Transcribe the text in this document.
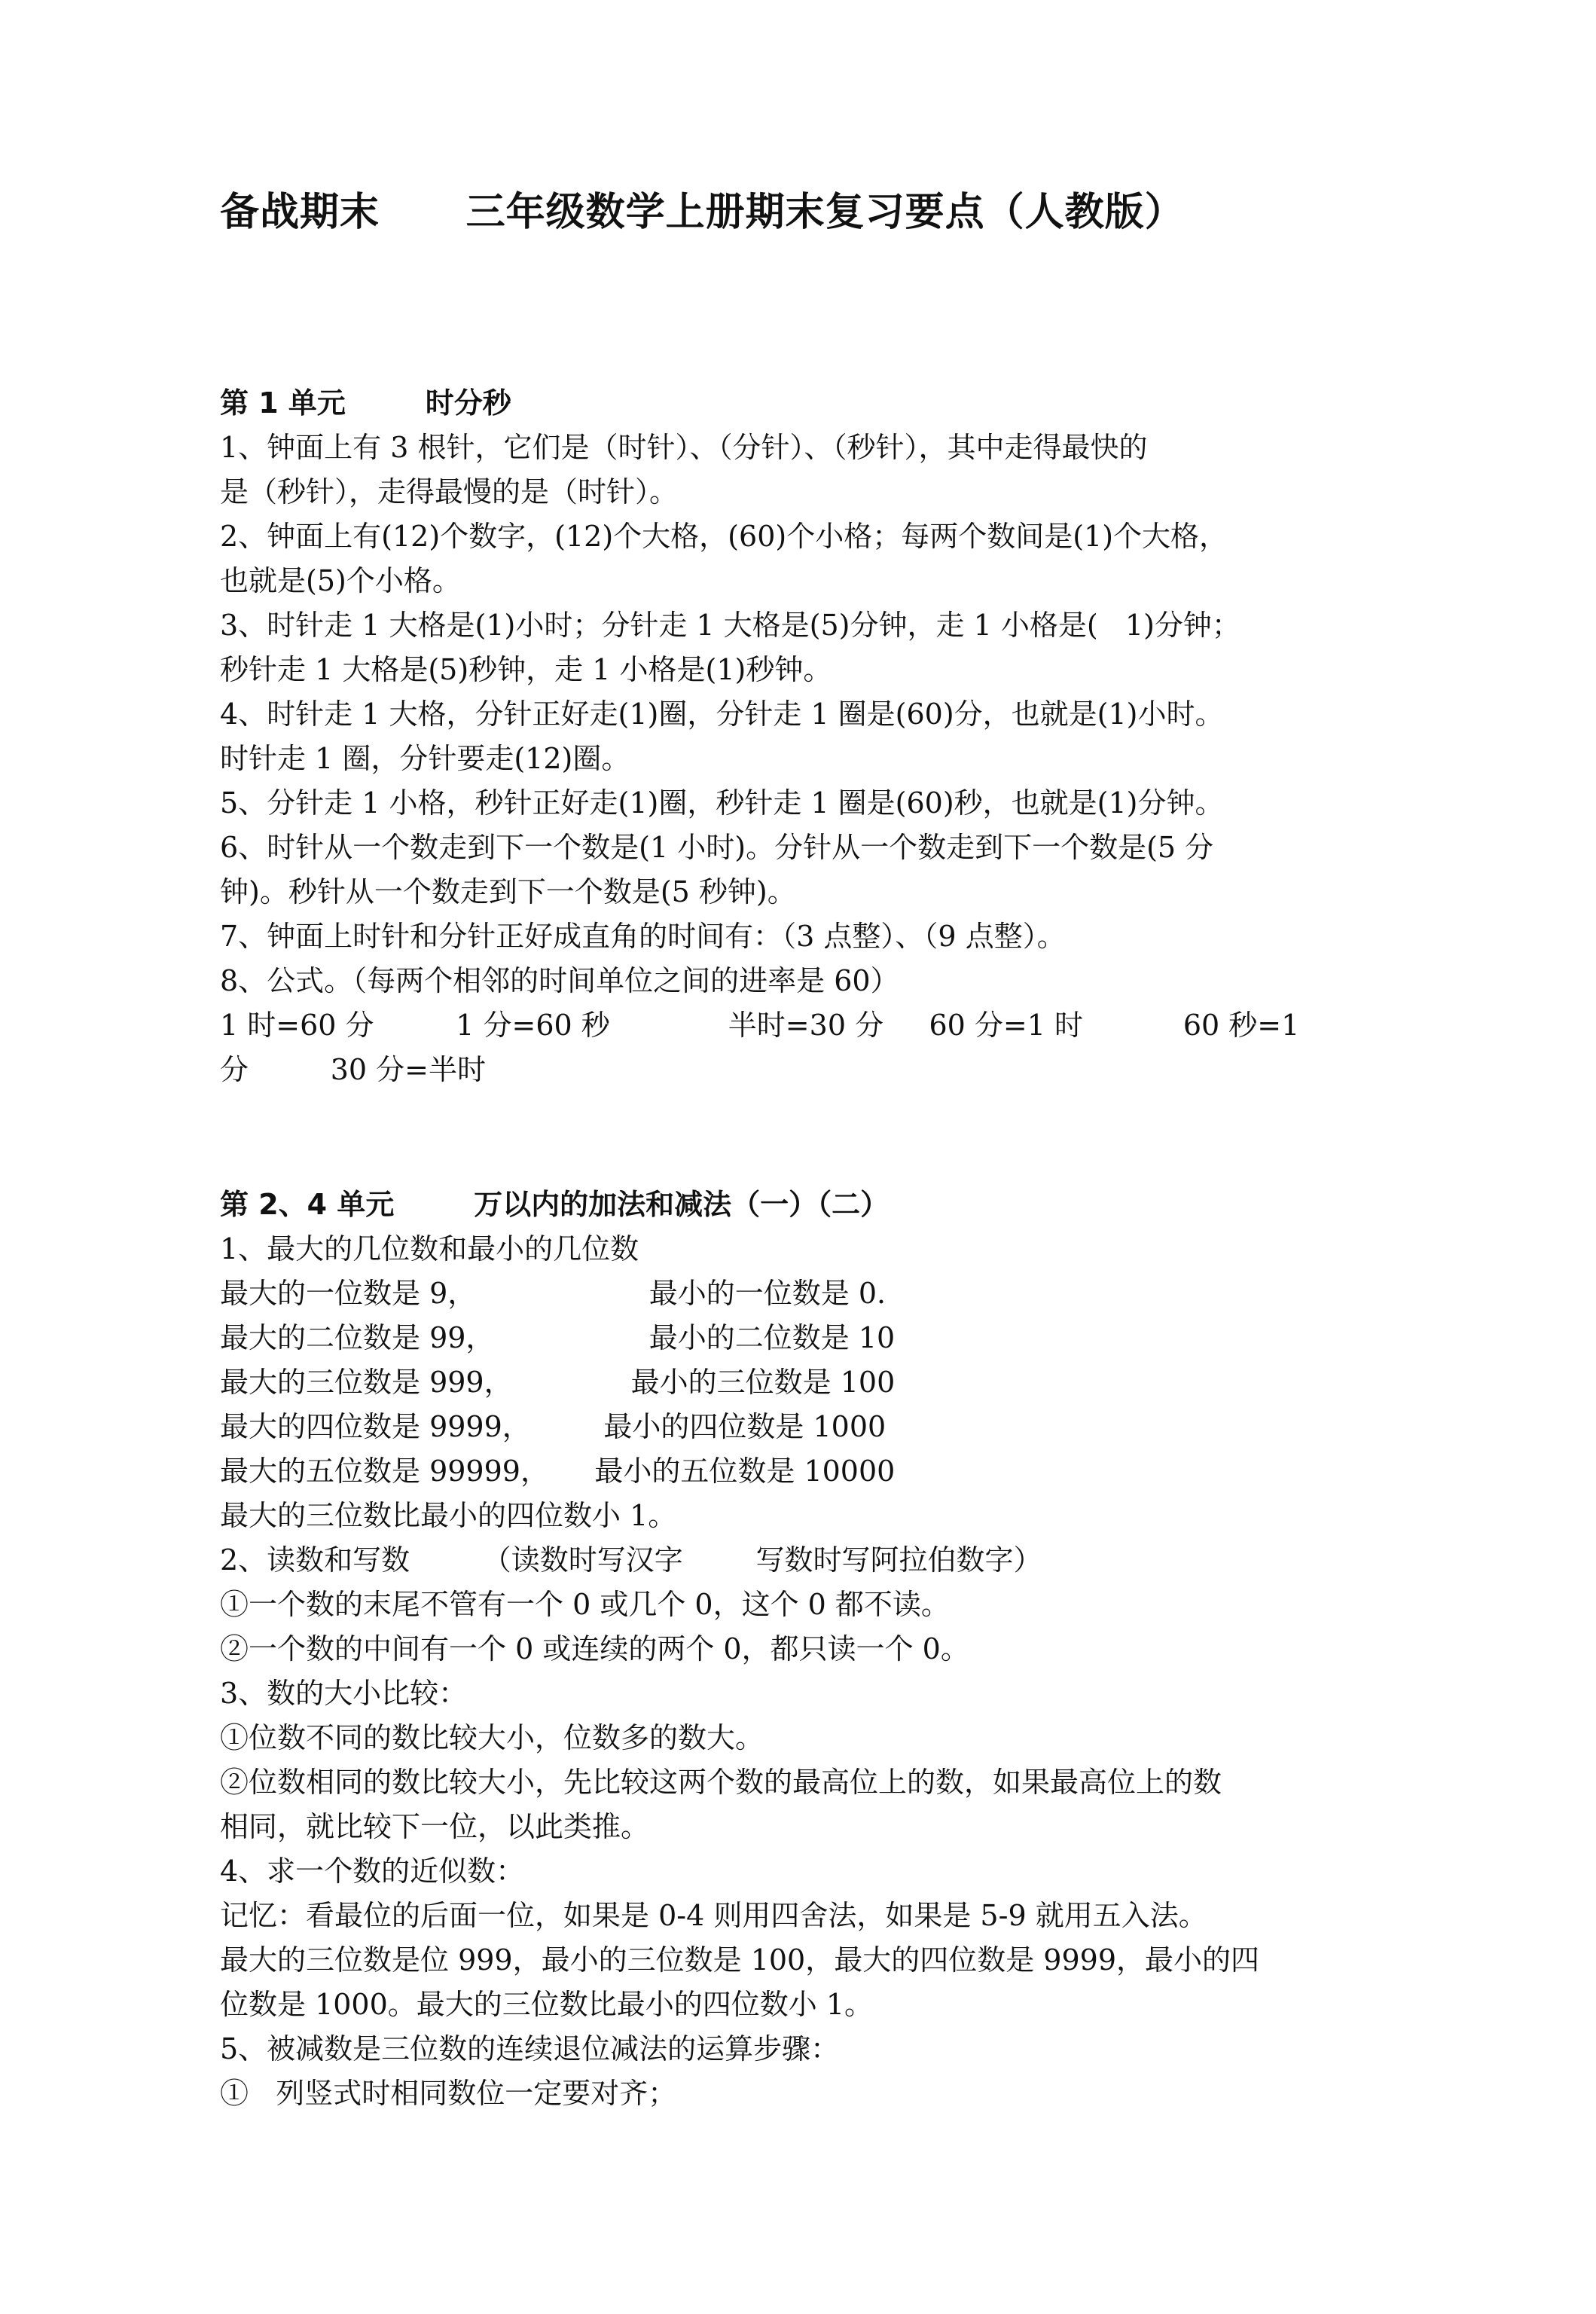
备战期末      三年级数学上册期末复习要点（人教版）
第 1 单元        时分秒
1、钟面上有 3 根针，它们是（时针）、（分针）、（秒针），其中走得最快的
是（秒针），走得最慢的是（时针）。
2、钟面上有(12)个数字，(12)个大格，(60)个小格；每两个数间是(1)个大格，
也就是(5)个小格。
3、时针走 1 大格是(1)小时；分针走 1 大格是(5)分钟，走 1 小格是(   1)分钟；
秒针走 1 大格是(5)秒钟，走 1 小格是(1)秒钟。
4、时针走 1 大格，分针正好走(1)圈，分针走 1 圈是(60)分，也就是(1)小时。
时针走 1 圈，分针要走(12)圈。
5、分针走 1 小格，秒针正好走(1)圈，秒针走 1 圈是(60)秒，也就是(1)分钟。
6、时针从一个数走到下一个数是(1 小时)。分针从一个数走到下一个数是(5 分
钟)。秒针从一个数走到下一个数是(5 秒钟)。
7、钟面上时针和分针正好成直角的时间有：（3 点整）、（9 点整）。
8、公式。（每两个相邻的时间单位之间的进率是 60）
1 时=60 分         1 分=60 秒             半时=30 分     60 分=1 时           60 秒=1
分         30 分=半时
第 2、4 单元        万以内的加法和减法（一）（二）
1、最大的几位数和最小的几位数
最大的一位数是 9，                   最小的一位数是 0.
最大的二位数是 99，                 最小的二位数是 10
最大的三位数是 999，             最小的三位数是 100
最大的四位数是 9999，        最小的四位数是 1000
最大的五位数是 99999，     最小的五位数是 10000
最大的三位数比最小的四位数小 1。
2、读数和写数        （读数时写汉字        写数时写阿拉伯数字）
①一个数的末尾不管有一个 0 或几个 0，这个 0 都不读。
②一个数的中间有一个 0 或连续的两个 0，都只读一个 0。
3、数的大小比较：
①位数不同的数比较大小，位数多的数大。
②位数相同的数比较大小，先比较这两个数的最高位上的数，如果最高位上的数
相同，就比较下一位，以此类推。
4、求一个数的近似数：
记忆：看最位的后面一位，如果是 0-4 则用四舍法，如果是 5-9 就用五入法。
最大的三位数是位 999，最小的三位数是 100，最大的四位数是 9999，最小的四
位数是 1000。最大的三位数比最小的四位数小 1。
5、被减数是三位数的连续退位减法的运算步骤：
①   列竖式时相同数位一定要对齐；
